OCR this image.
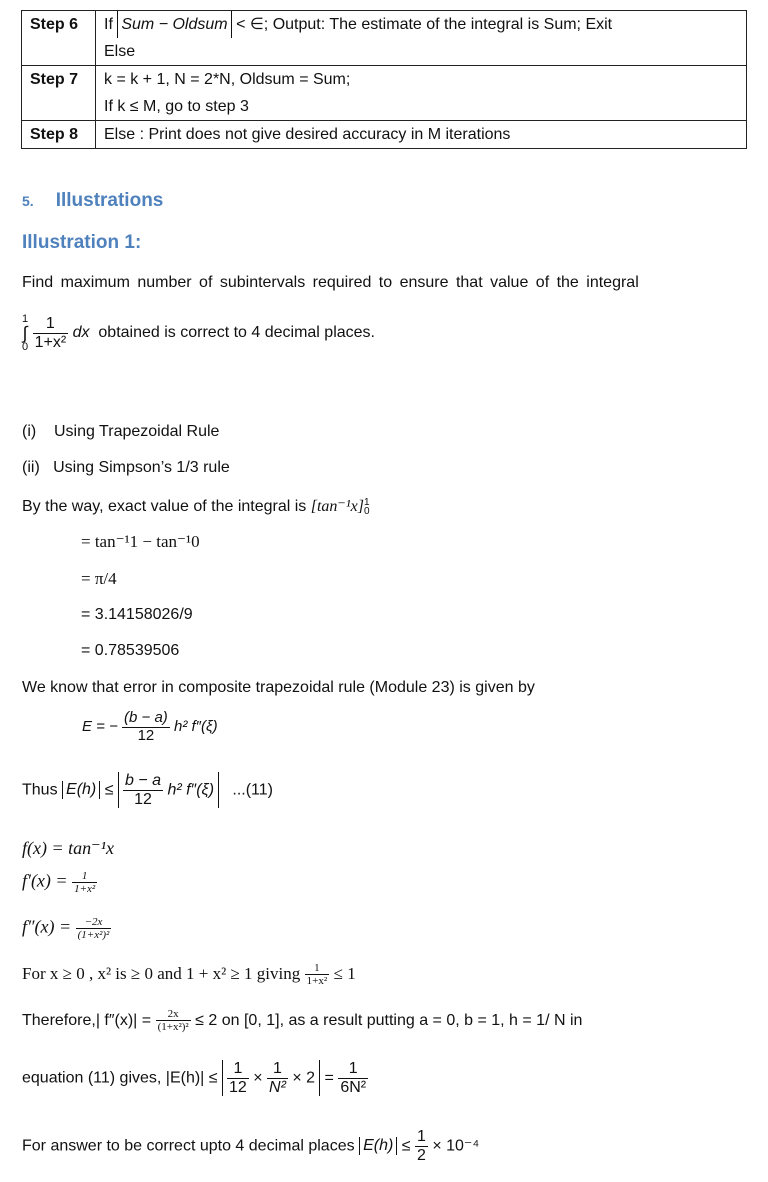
Step 6	If Sum − Oldsum < ∈; Output: The estimate of the integral is Sum; Exit
Else
Step 7	k = k + 1, N = 2*N, Oldsum = Sum;
If k ≤ M, go to step 3
Step 8	Else : Print does not give desired accuracy in M iterations
5. Illustrations
Illustration 1:
Find maximum number of subintervals required to ensure that value of the integral
1
∫
0
$\frac{1}{\text{1+x²}}$ dx obtained is correct to 4 decimal places.
(i)    Using Trapezoidal Rule
(ii)   Using Simpson’s 1/3 rule
By the way, exact value of the integral is [tan⁻¹x] 1
0
= tan⁻¹1 − tan⁻¹0
= π/4
= 3.14158026/9
= 0.78539506
We know that error in composite trapezoidal rule (Module 23) is given by
E = − $\frac{(b - a)}{12} h^2$ f″(ξ)
Thus $E(h) \le \frac{b - a}{12} h^2$ f″(ξ) ...(11)
f(x) = tan⁻¹x
$f'(x) = \frac{1}{\text{1+x²}}$
$f''(x) = \frac{-2x}{\text{(1+x²)²}}$
For x ≥ 0 , x² is ≥ 0 and 1 + x² ≥ 1 giving $\frac{1}{\text{1+x²}} \le 1$
Therefore,| $f''(x)| = \frac{2x}{\text{(1+x²)²}} \le 2$ on [0, 1], as a result putting a = 0, b = 1, h = 1/ N in
equation (11) gives, $|E(h)| \le \frac{1}{12} \times \frac{1}{\text{N²}} \times 2 = \frac{1}{\text{6N²}}$
For answer to be correct upto 4 decimal places $E(h) \le \frac{1}{2} \times 10^{-4}$
